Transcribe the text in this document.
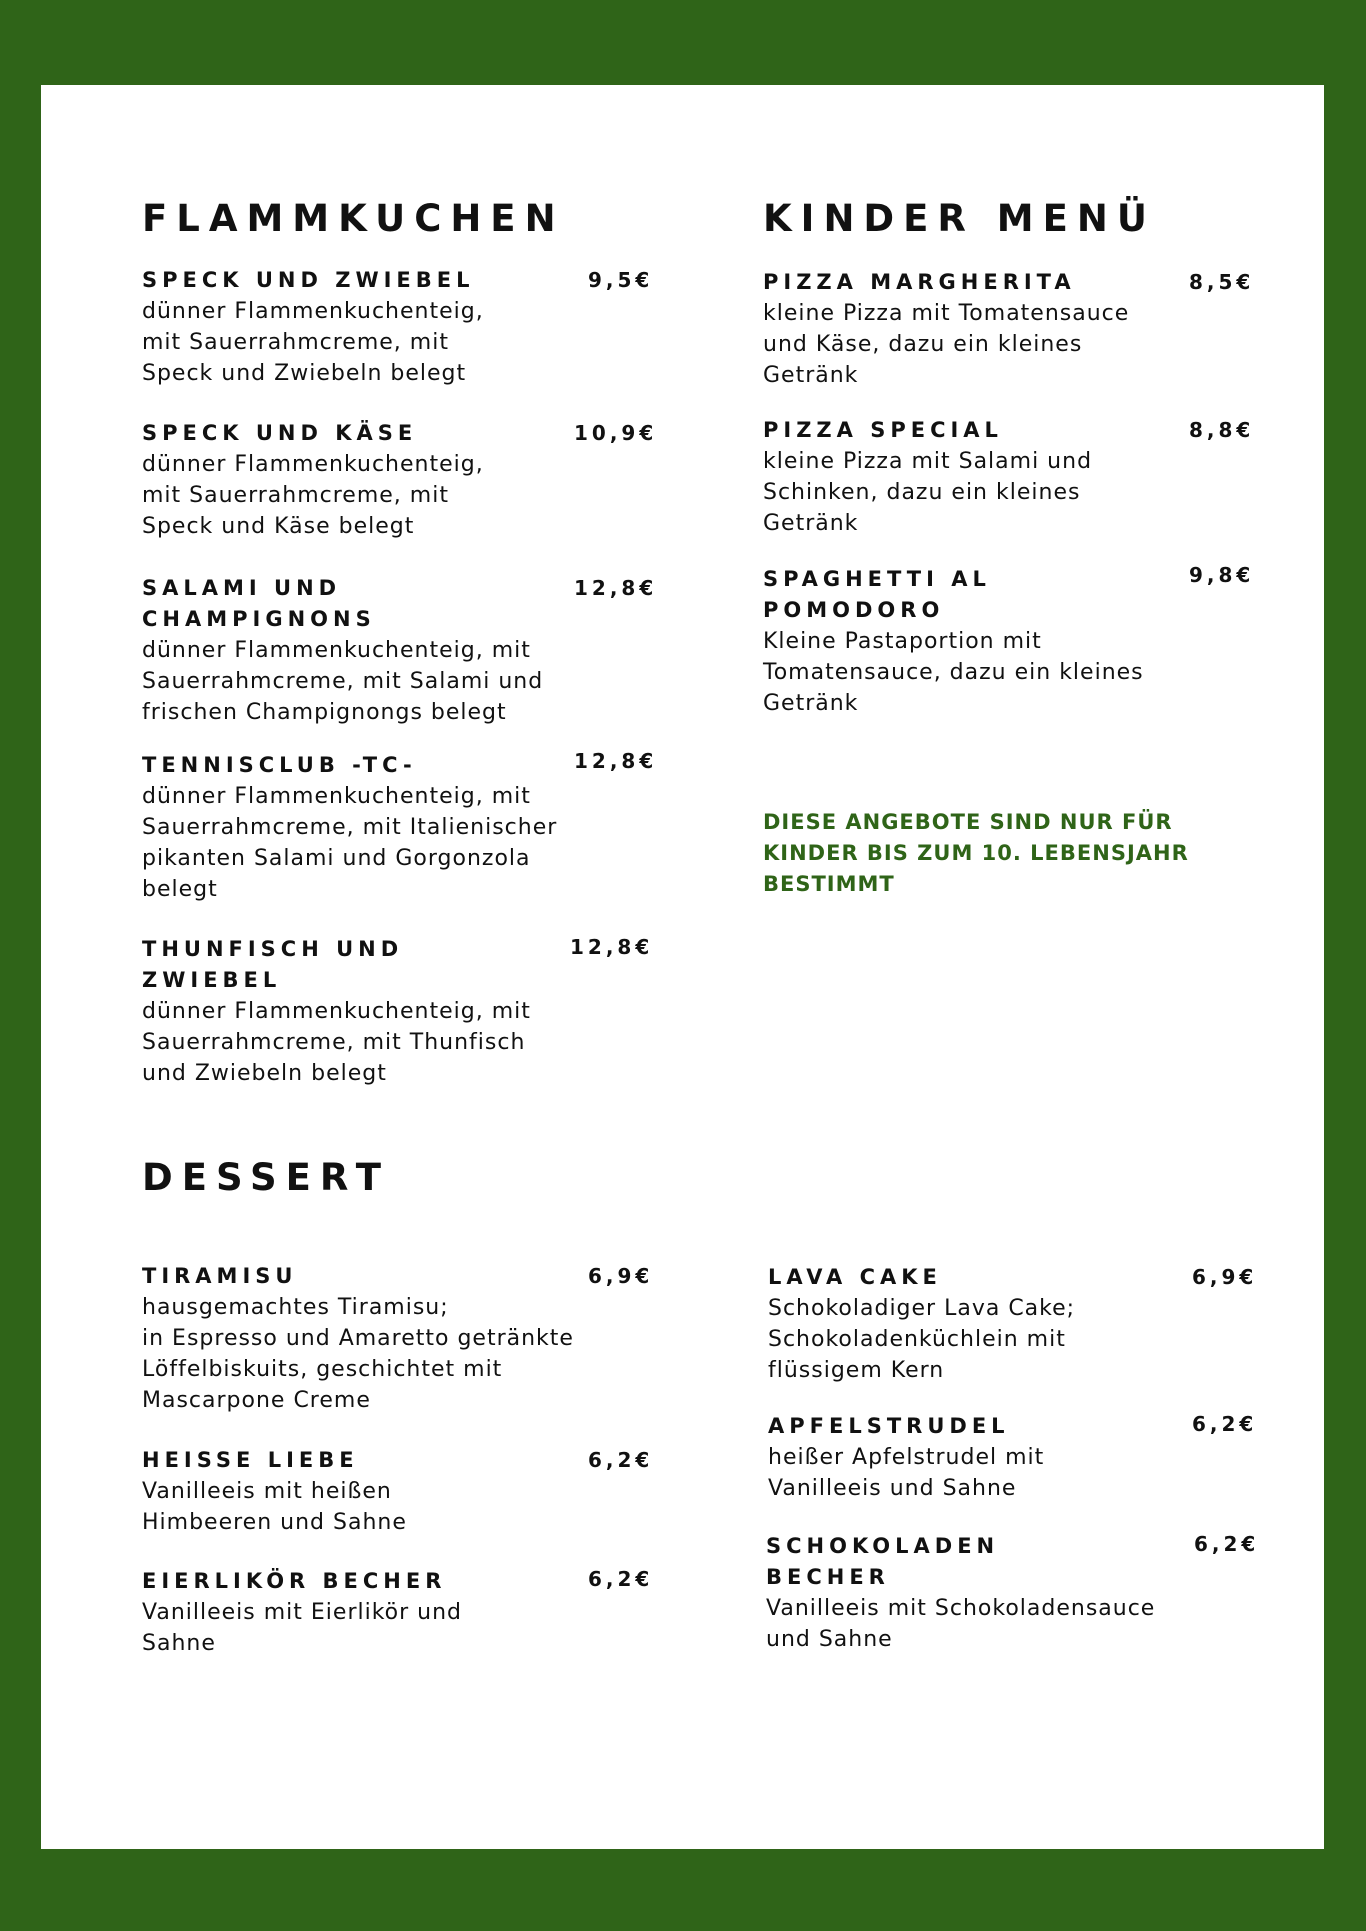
FLAMMKUCHEN
SPECK UND ZWIEBEL	9,5€
dünner Flammenkuchenteig,
mit Sauerrahmcreme, mit
Speck und Zwiebeln belegt
SPECK UND KÄSE	10,9€
dünner Flammenkuchenteig,
mit Sauerrahmcreme, mit
Speck und Käse belegt
SALAMI UND
CHAMPIGNONS
12,8€
dünner Flammenkuchenteig, mit
Sauerrahmcreme, mit Salami und
frischen Champignongs belegt
TENNISCLUB -TC-	12,8€
dünner Flammenkuchenteig, mit
Sauerrahmcreme, mit Italienischer
pikanten Salami und Gorgonzola
belegt
THUNFISCH UND
ZWIEBEL
12,8€
dünner Flammenkuchenteig, mit
Sauerrahmcreme, mit Thunfisch
und Zwiebeln belegt
KINDER MENÜ
PIZZA MARGHERITA	8,5€
kleine Pizza mit Tomatensauce
und Käse, dazu ein kleines
Getränk
PIZZA SPECIAL	8,8€
kleine Pizza mit Salami und
Schinken, dazu ein kleines
Getränk
SPAGHETTI AL
POMODORO
9,8€
Kleine Pastaportion mit
Tomatensauce, dazu ein kleines
Getränk
DIESE ANGEBOTE SIND NUR FÜR
KINDER BIS ZUM 10. LEBENSJAHR
BESTIMMT
DESSERT
TIRAMISU	6,9€
hausgemachtes Tiramisu;
in Espresso und Amaretto getränkte
Löffelbiskuits, geschichtet mit
Mascarpone Creme
HEISSE LIEBE	6,2€
Vanilleeis mit heißen
Himbeeren und Sahne
EIERLIKÖR BECHER	6,2€
Vanilleeis mit Eierlikör und
Sahne
LAVA CAKE	6,9€
Schokoladiger Lava Cake;
Schokoladenküchlein mit
flüssigem Kern
APFELSTRUDEL	6,2€
heißer Apfelstrudel mit
Vanilleeis und Sahne
SCHOKOLADEN
BECHER
6,2€
Vanilleeis mit Schokoladensauce
und Sahne
